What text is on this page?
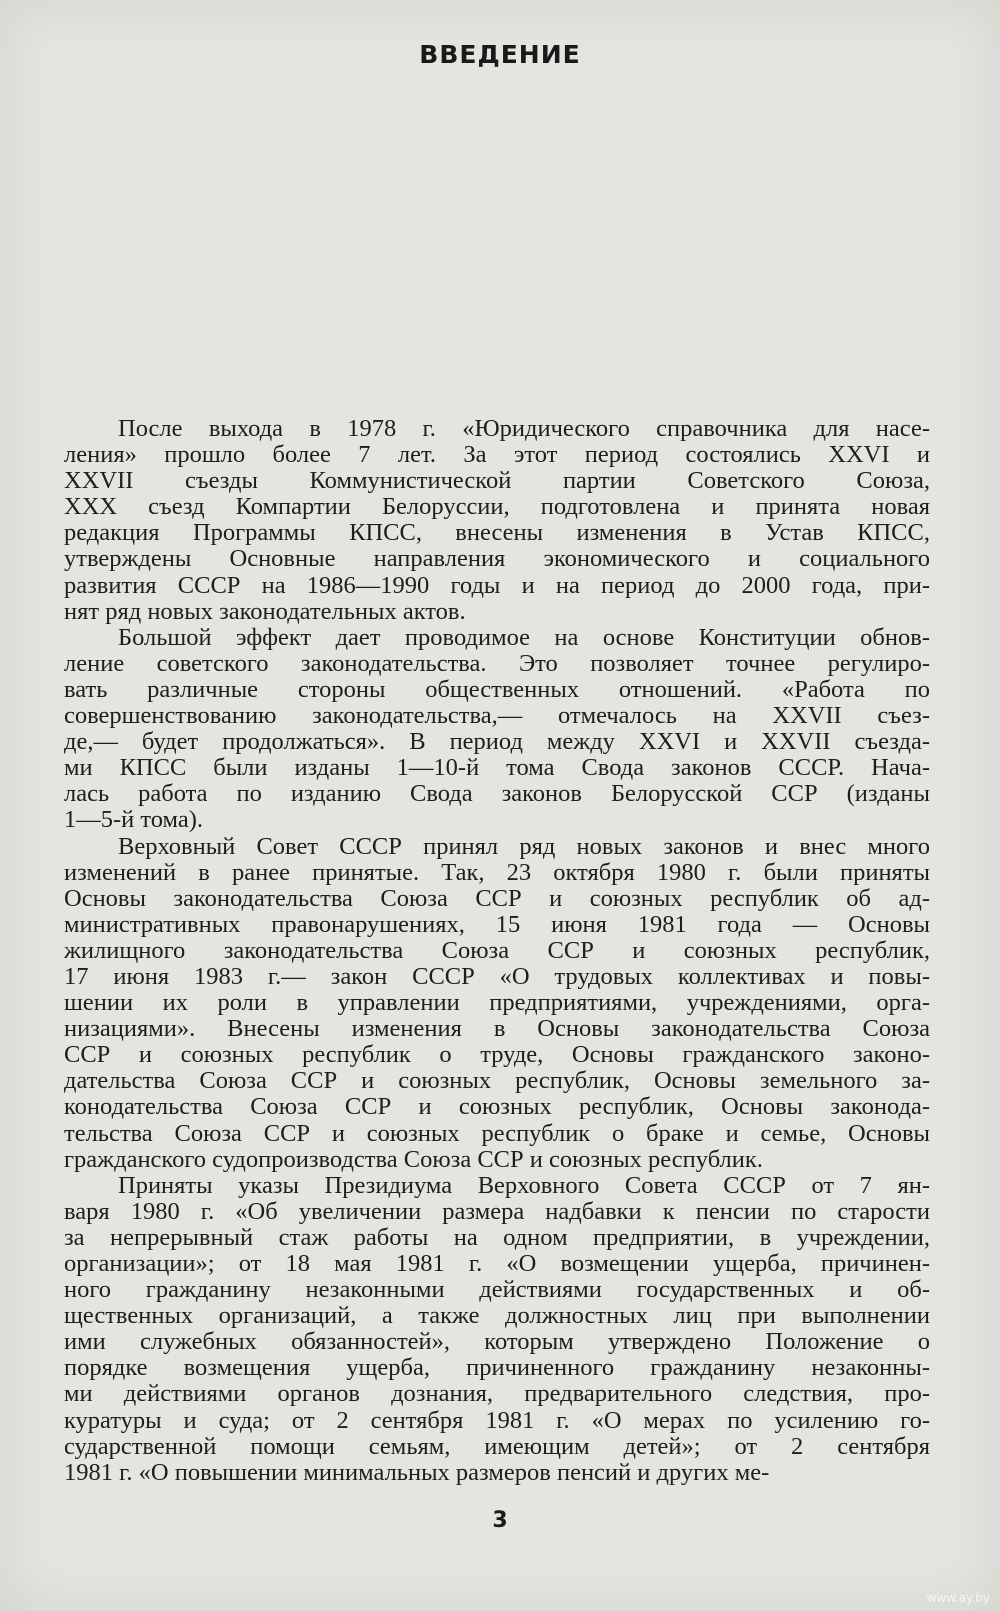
ВВЕДЕНИЕ

После выхода в 1978 г. «Юридического справочника для насе-
ления» прошло более 7 лет. За этот период состоялись XXVI и
XXVII съезды Коммунистической партии Советского Союза,
XXX съезд Компартии Белоруссии, подготовлена и принята новая
редакция Программы КПСС, внесены изменения в Устав КПСС,
утверждены Основные направления экономического и социального
развития СССР на 1986—1990 годы и на период до 2000 года, при-
нят ряд новых законодательных актов.

Большой эффект дает проводимое на основе Конституции обнов-
ление советского законодательства. Это позволяет точнее регулиро-
вать различные стороны общественных отношений. «Работа по
совершенствованию законодательства,— отмечалось на XXVII съез-
де,— будет продолжаться». В период между XXVI и XXVII съезда-
ми КПСС были изданы 1—10-й тома Свода законов СССР. Нача-
лась работа по изданию Свода законов Белорусской ССР (изданы
1—5-й тома).

Верховный Совет СССР принял ряд новых законов и внес много
изменений в ранее принятые. Так, 23 октября 1980 г. были приняты
Основы законодательства Союза ССР и союзных республик об ад-
министративных правонарушениях, 15 июня 1981 года — Основы
жилищного законодательства Союза ССР и союзных республик,
17 июня 1983 г.— закон СССР «О трудовых коллективах и повы-
шении их роли в управлении предприятиями, учреждениями, орга-
низациями». Внесены изменения в Основы законодательства Союза
ССР и союзных республик о труде, Основы гражданского законо-
дательства Союза ССР и союзных республик, Основы земельного за-
конодательства Союза ССР и союзных республик, Основы законода-
тельства Союза ССР и союзных республик о браке и семье, Основы
гражданского судопроизводства Союза ССР и союзных республик.

Приняты указы Президиума Верховного Совета СССР от 7 ян-
варя 1980 г. «Об увеличении размера надбавки к пенсии по старости
за непрерывный стаж работы на одном предприятии, в учреждении,
организации»; от 18 мая 1981 г. «О возмещении ущерба, причинен-
ного гражданину незаконными действиями государственных и об-
щественных организаций, а также должностных лиц при выполнении
ими служебных обязанностей», которым утверждено Положение о
порядке возмещения ущерба, причиненного гражданину незаконны-
ми действиями органов дознания, предварительного следствия, про-
куратуры и суда; от 2 сентября 1981 г. «О мерах по усилению го-
сударственной помощи семьям, имеющим детей»; от 2 сентября
1981 г. «О повышении минимальных размеров пенсий и других ме-

3
www.ay.by
